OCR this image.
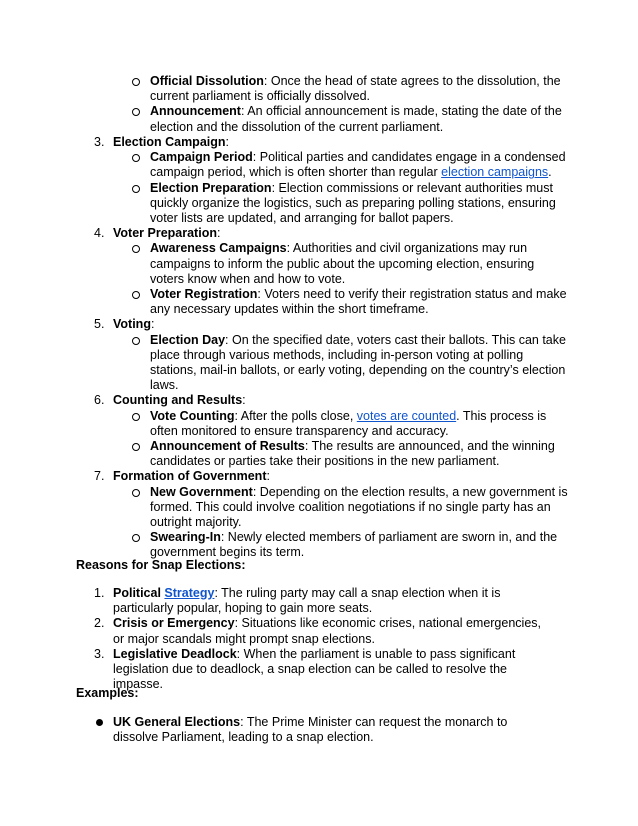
Official Dissolution: Once the head of state agrees to the dissolution, the current parliament is officially dissolved.
Announcement: An official announcement is made, stating the date of the election and the dissolution of the current parliament.
3. Election Campaign:
Campaign Period: Political parties and candidates engage in a condensed campaign period, which is often shorter than regular election campaigns.
Election Preparation: Election commissions or relevant authorities must quickly organize the logistics, such as preparing polling stations, ensuring voter lists are updated, and arranging for ballot papers.
4. Voter Preparation:
Awareness Campaigns: Authorities and civil organizations may run campaigns to inform the public about the upcoming election, ensuring voters know when and how to vote.
Voter Registration: Voters need to verify their registration status and make any necessary updates within the short timeframe.
5. Voting:
Election Day: On the specified date, voters cast their ballots. This can take place through various methods, including in-person voting at polling stations, mail-in ballots, or early voting, depending on the country’s election laws.
6. Counting and Results:
Vote Counting: After the polls close, votes are counted. This process is often monitored to ensure transparency and accuracy.
Announcement of Results: The results are announced, and the winning candidates or parties take their positions in the new parliament.
7. Formation of Government:
New Government: Depending on the election results, a new government is formed. This could involve coalition negotiations if no single party has an outright majority.
Swearing-In: Newly elected members of parliament are sworn in, and the government begins its term.
Reasons for Snap Elections:
1. Political Strategy: The ruling party may call a snap election when it is particularly popular, hoping to gain more seats.
2. Crisis or Emergency: Situations like economic crises, national emergencies, or major scandals might prompt snap elections.
3. Legislative Deadlock: When the parliament is unable to pass significant legislation due to deadlock, a snap election can be called to resolve the impasse.
Examples:
UK General Elections: The Prime Minister can request the monarch to dissolve Parliament, leading to a snap election.
